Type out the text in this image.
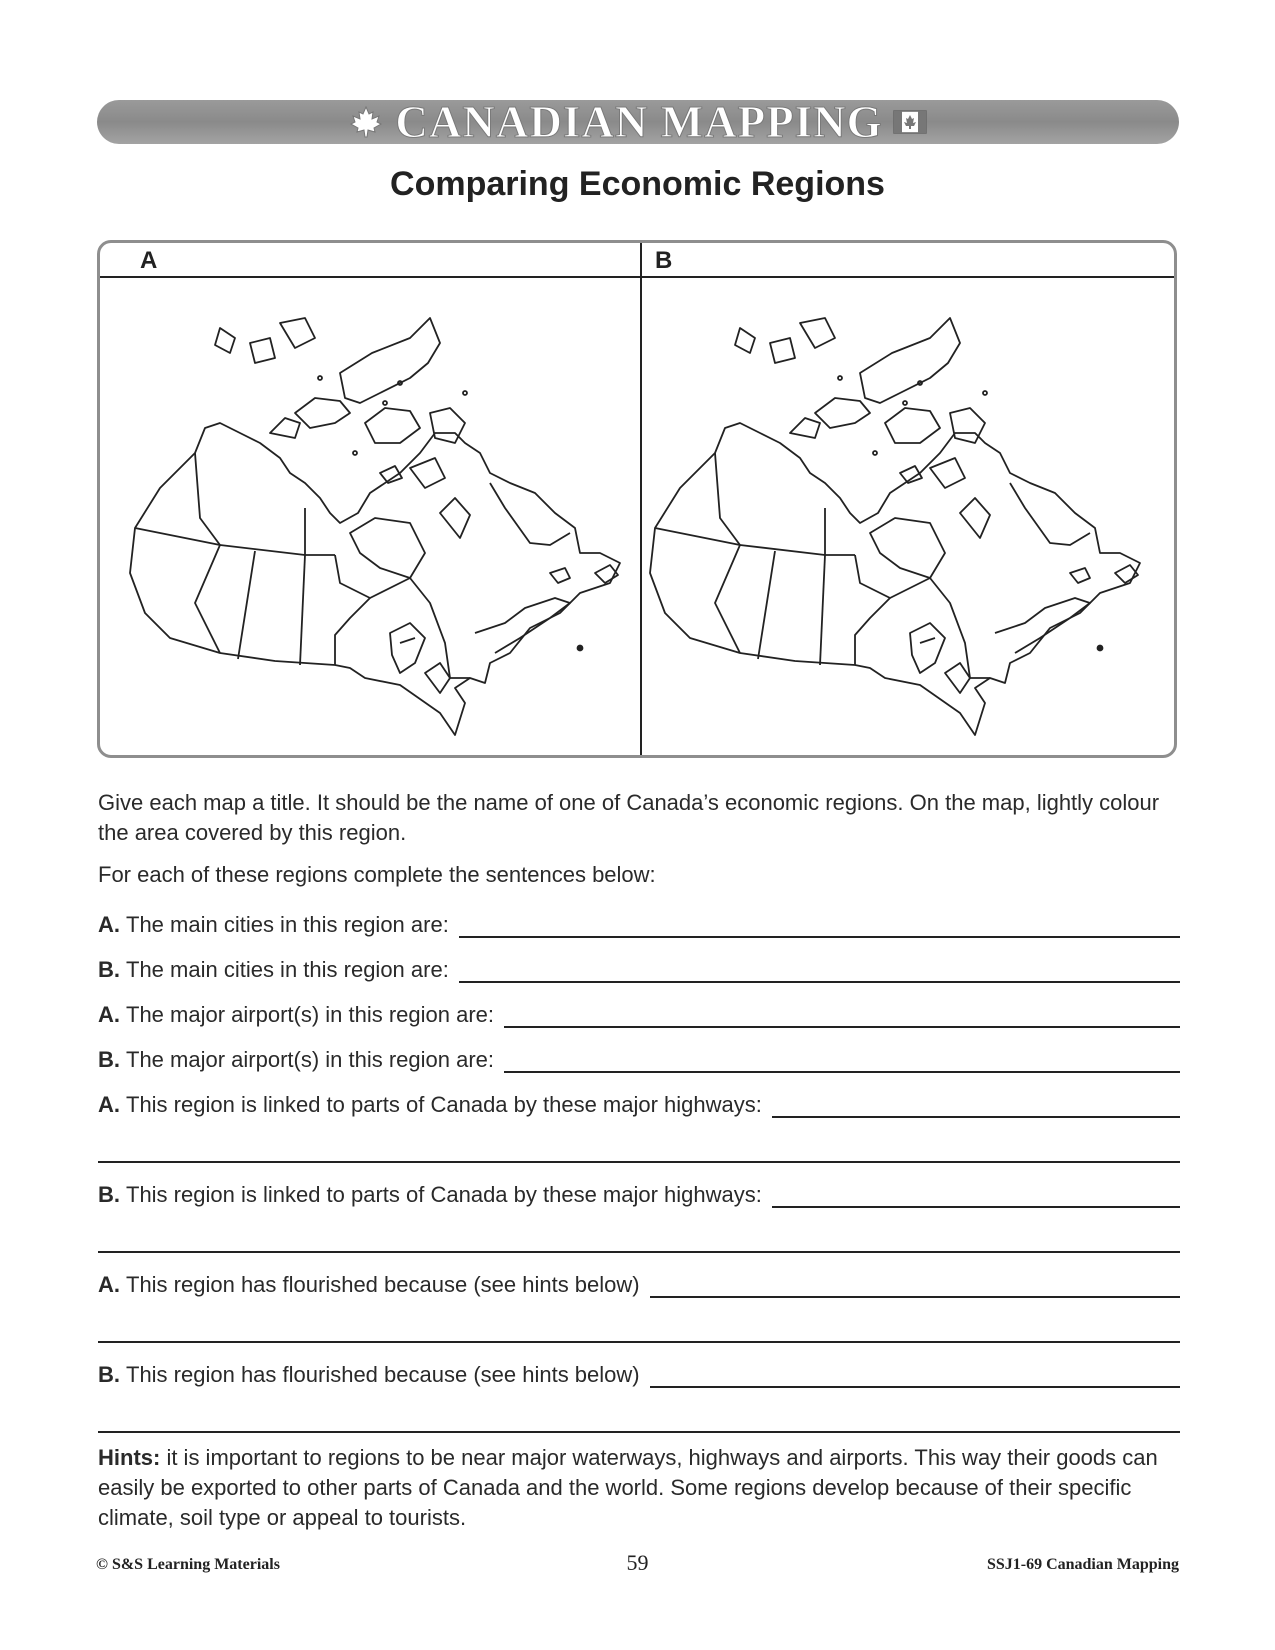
CANADIAN MAPPING
Comparing Economic Regions
A	B
Give each map a title. It should be the name of one of Canada’s economic regions. On the map, lightly colour the area covered by this region.
For each of these regions complete the sentences below:
A. The main cities in this region are:
B. The main cities in this region are:
A. The major airport(s) in this region are:
B. The major airport(s) in this region are:
A. This region is linked to parts of Canada by these major highways:
B. This region is linked to parts of Canada by these major highways:
A. This region has flourished because (see hints below)
B. This region has flourished because (see hints below)
Hints: it is important to regions to be near major waterways, highways and airports. This way their goods can easily be exported to other parts of Canada and the world. Some regions develop because of their specific climate, soil type or appeal to tourists.
© S&S Learning Materials	59	SSJ1-69 Canadian Mapping
